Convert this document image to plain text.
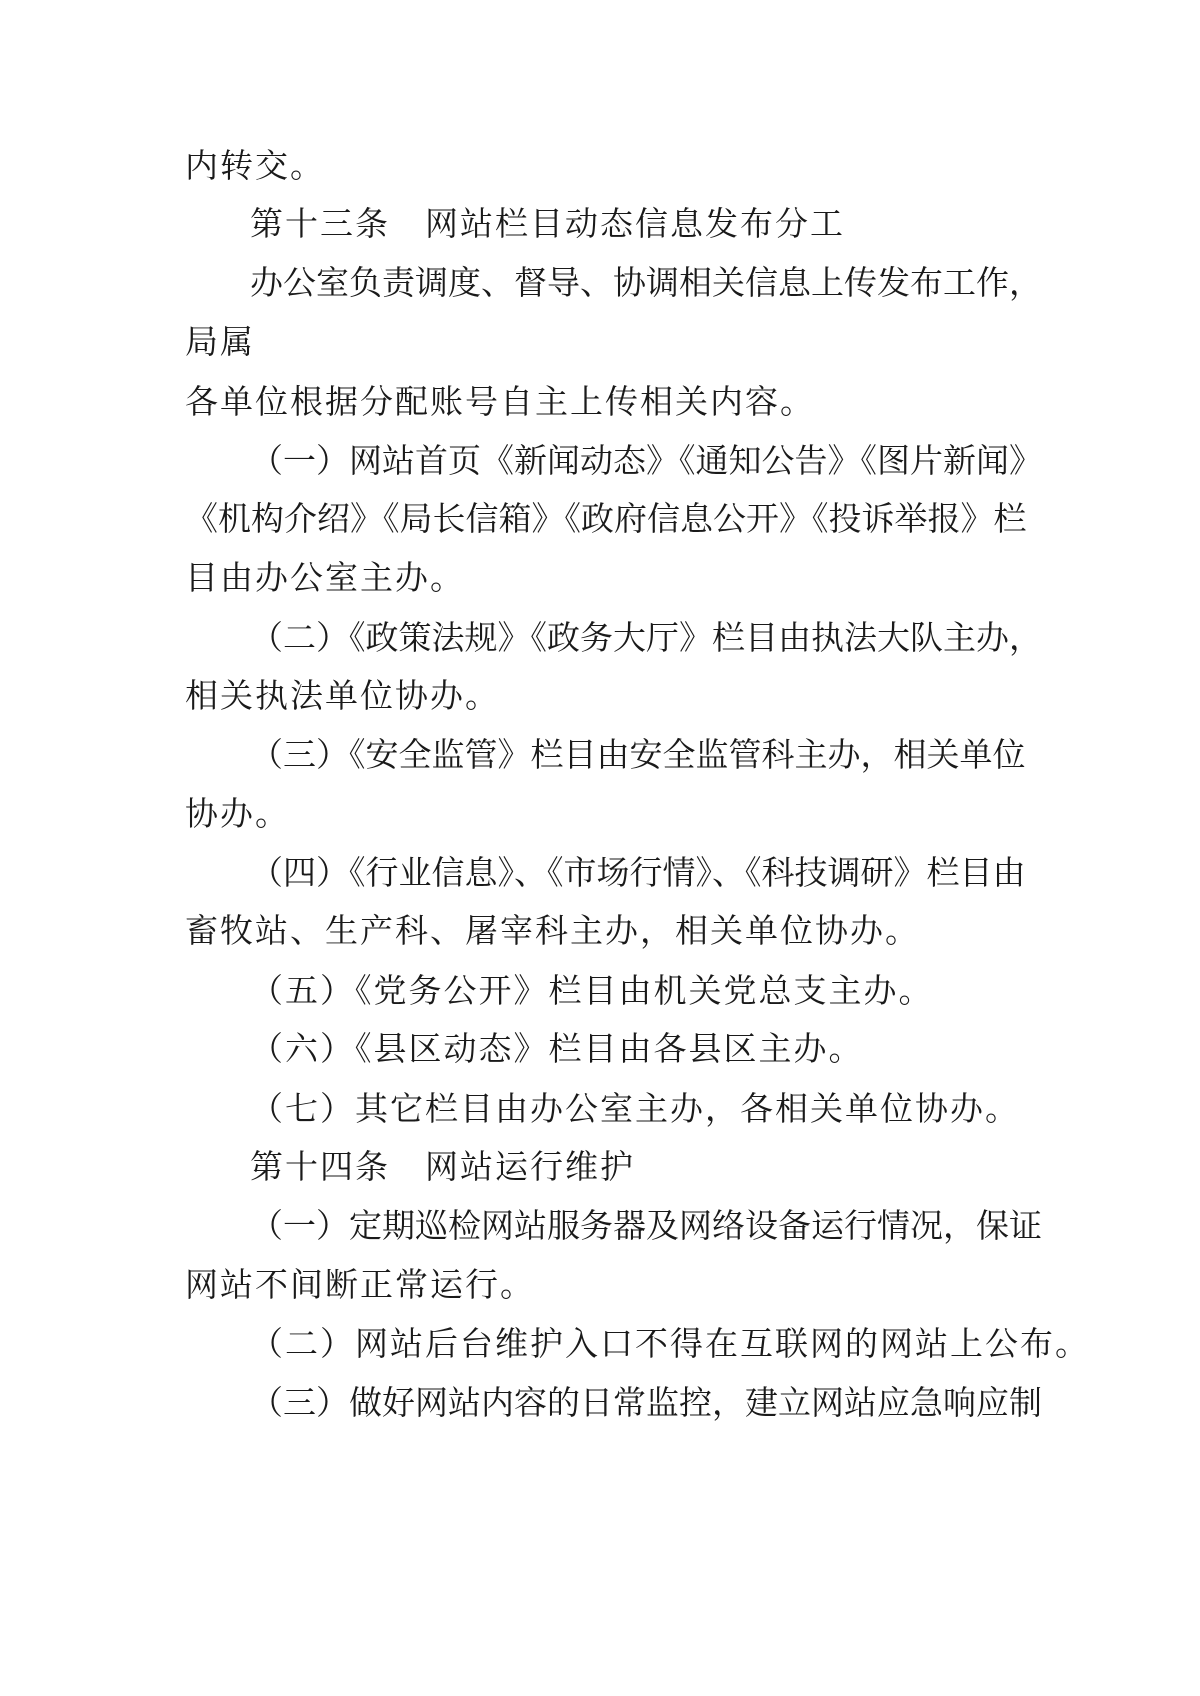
内转交。
第十三条　网站栏目动态信息发布分工
办公室负责调度、督导、协调相关信息上传发布工作，
局属
各单位根据分配账号自主上传相关内容。
（一）网站首页《新闻动态》《通知公告》《图片新闻》
《机构介绍》《局长信箱》《政府信息公开》《投诉举报》栏
目由办公室主办。
（二）《政策法规》《政务大厅》栏目由执法大队主办，
相关执法单位协办。
（三）《安全监管》栏目由安全监管科主办，相关单位
协办。
（四）《行业信息》、《市场行情》、《科技调研》栏目由
畜牧站、生产科、屠宰科主办，相关单位协办。
（五）《党务公开》栏目由机关党总支主办。
（六）《县区动态》栏目由各县区主办。
（七）其它栏目由办公室主办，各相关单位协办。
第十四条　网站运行维护
（一）定期巡检网站服务器及网络设备运行情况，保证
网站不间断正常运行。
（二）网站后台维护入口不得在互联网的网站上公布。
（三）做好网站内容的日常监控，建立网站应急响应制
